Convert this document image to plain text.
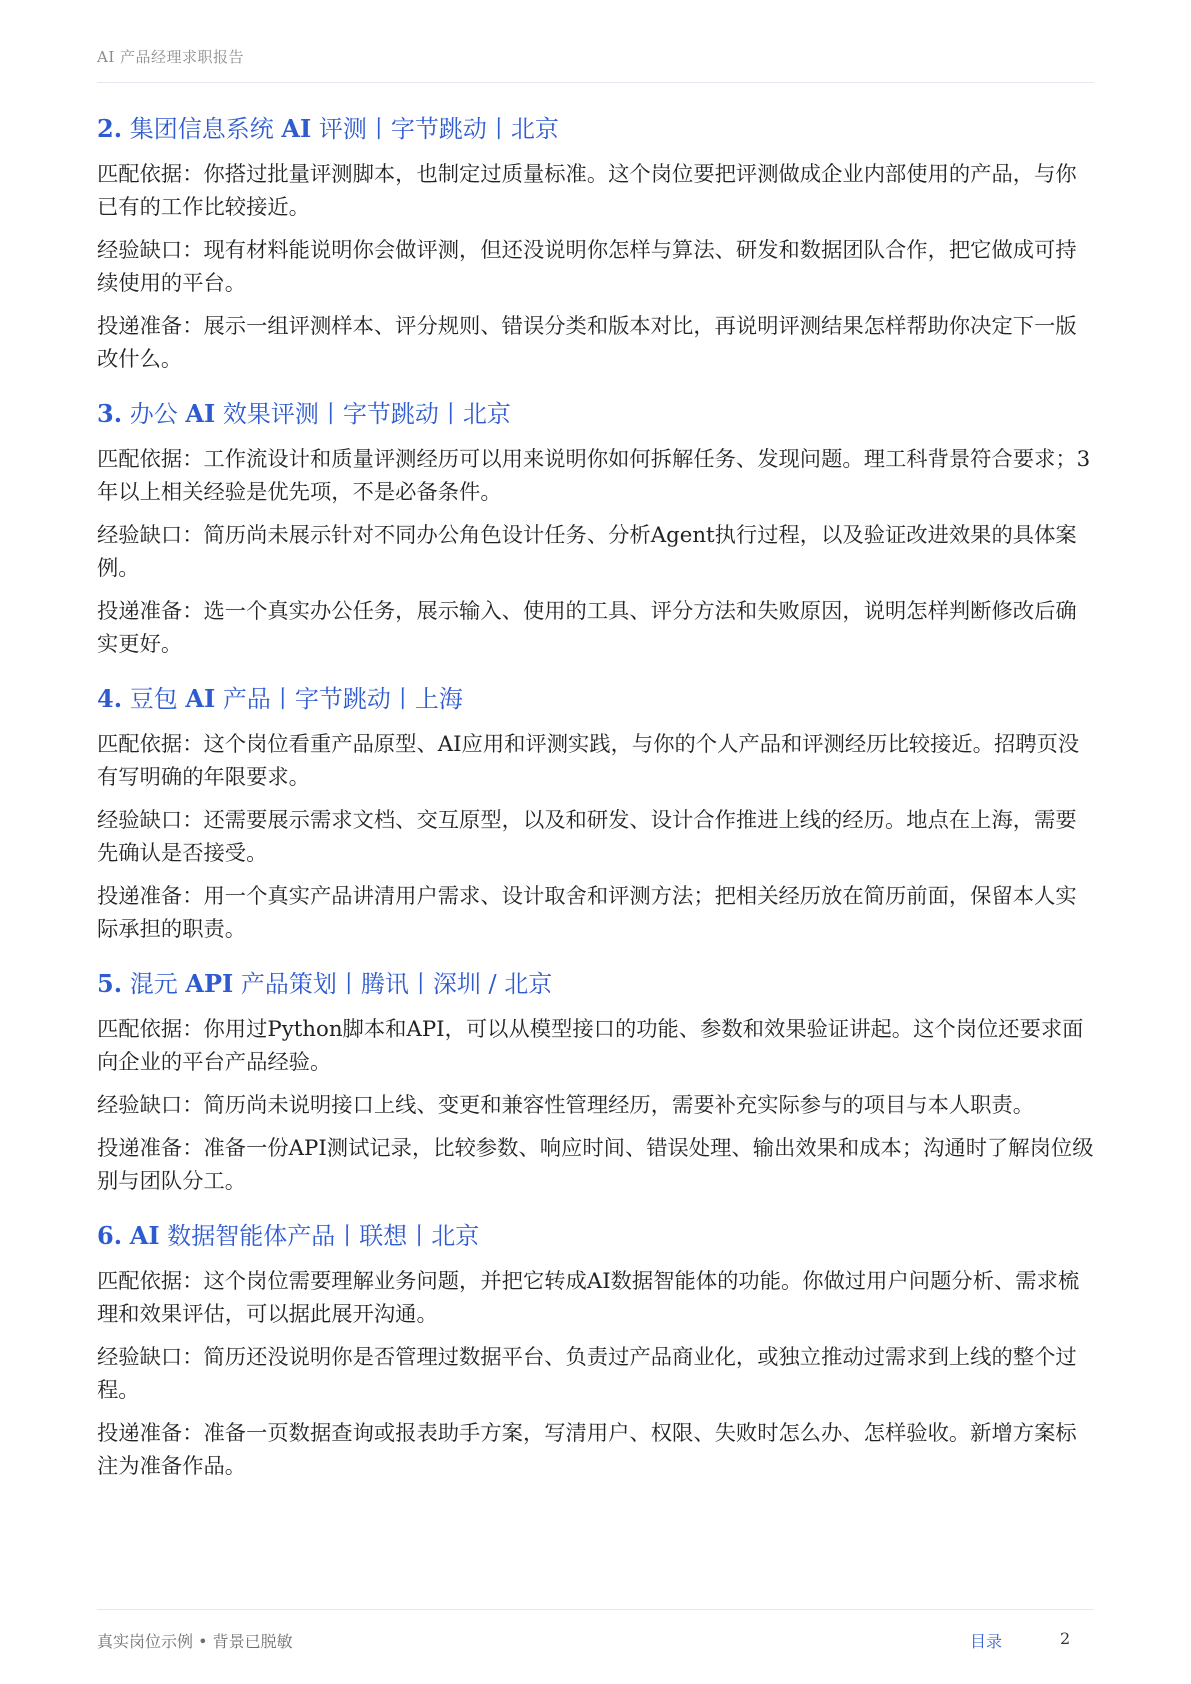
AI 产品经理求职报告
2. 集团信息系统 AI 评测丨字节跳动丨北京

匹配依据：你搭过批量评测脚本，也制定过质量标准。这个岗位要把评测做成企业内部使用的产品，与你已有的工作比较接近。

经验缺口：现有材料能说明你会做评测，但还没说明你怎样与算法、研发和数据团队合作，把它做成可持续使用的平台。

投递准备：展示一组评测样本、评分规则、错误分类和版本对比，再说明评测结果怎样帮助你决定下一版改什么。

3. 办公 AI 效果评测丨字节跳动丨北京

匹配依据：工作流设计和质量评测经历可以用来说明你如何拆解任务、发现问题。理工科背景符合要求；3年以上相关经验是优先项，不是必备条件。

经验缺口：简历尚未展示针对不同办公角色设计任务、分析Agent执行过程，以及验证改进效果的具体案例。

投递准备：选一个真实办公任务，展示输入、使用的工具、评分方法和失败原因，说明怎样判断修改后确实更好。

4. 豆包 AI 产品丨字节跳动丨上海

匹配依据：这个岗位看重产品原型、AI应用和评测实践，与你的个人产品和评测经历比较接近。招聘页没有写明确的年限要求。

经验缺口：还需要展示需求文档、交互原型，以及和研发、设计合作推进上线的经历。地点在上海，需要先确认是否接受。

投递准备：用一个真实产品讲清用户需求、设计取舍和评测方法；把相关经历放在简历前面，保留本人实际承担的职责。

5. 混元 API 产品策划丨腾讯丨深圳 / 北京

匹配依据：你用过Python脚本和API，可以从模型接口的功能、参数和效果验证讲起。这个岗位还要求面向企业的平台产品经验。

经验缺口：简历尚未说明接口上线、变更和兼容性管理经历，需要补充实际参与的项目与本人职责。

投递准备：准备一份API测试记录，比较参数、响应时间、错误处理、输出效果和成本；沟通时了解岗位级别与团队分工。

6. AI 数据智能体产品丨联想丨北京

匹配依据：这个岗位需要理解业务问题，并把它转成AI数据智能体的功能。你做过用户问题分析、需求梳理和效果评估，可以据此展开沟通。

经验缺口：简历还没说明你是否管理过数据平台、负责过产品商业化，或独立推动过需求到上线的整个过程。

投递准备：准备一页数据查询或报表助手方案，写清用户、权限、失败时怎么办、怎样验收。新增方案标注为准备作品。

真实岗位示例 • 背景已脱敏	目录	2
